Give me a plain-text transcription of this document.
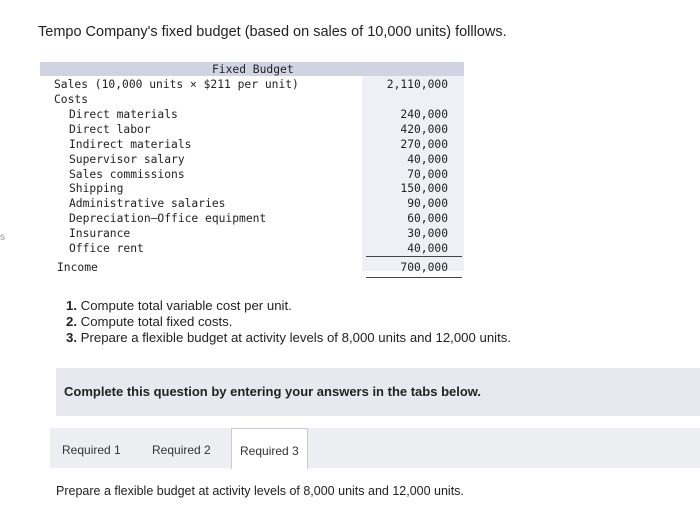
s
Tempo Company's fixed budget (based on sales of 10,000 units) folllows.
Fixed Budget
Sales (10,000 units × $211 per unit)	2,110,000
Costs
Direct materials	240,000
Direct labor	420,000
Indirect materials	270,000
Supervisor salary	40,000
Sales commissions	70,000
Shipping	150,000
Administrative salaries	90,000
Depreciation—Office equipment	60,000
Insurance	30,000
Office rent	40,000
Income	700,000
1. Compute total variable cost per unit.
2. Compute total fixed costs.
3. Prepare a flexible budget at activity levels of 8,000 units and 12,000 units.
Complete this question by entering your answers in the tabs below.
Required 1	Required 2	Required 3
Prepare a flexible budget at activity levels of 8,000 units and 12,000 units.
